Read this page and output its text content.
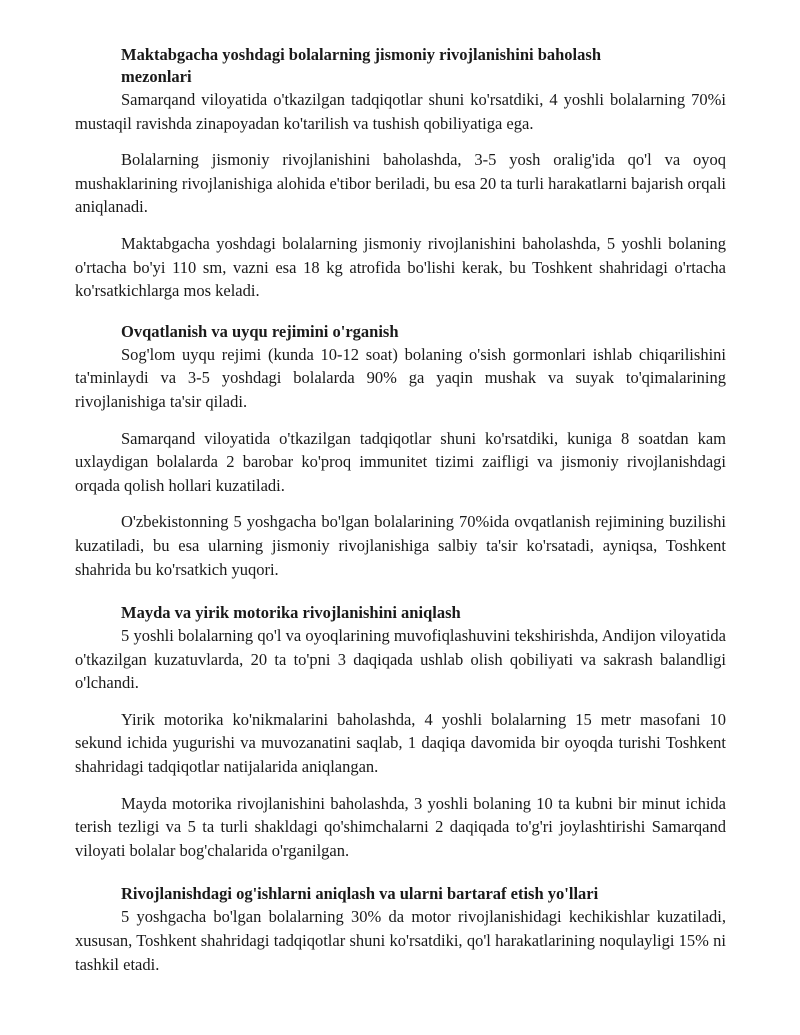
Maktabgacha yoshdagi bolalarning jismoniy rivojlanishini baholash mezonlari

Samarqand viloyatida o'tkazilgan tadqiqotlar shuni ko'rsatdiki, 4 yoshli bolalarning 70%i mustaqil ravishda zinapoyadan ko'tarilish va tushish qobiliyatiga ega.

Bolalarning jismoniy rivojlanishini baholashda, 3-5 yosh oralig'ida qo'l va oyoq mushaklarining rivojlanishiga alohida e'tibor beriladi, bu esa 20 ta turli harakatlarni bajarish orqali aniqlanadi.

Maktabgacha yoshdagi bolalarning jismoniy rivojlanishini baholashda, 5 yoshli bolaning o'rtacha bo'yi 110 sm, vazni esa 18 kg atrofida bo'lishi kerak, bu Toshkent shahridagi o'rtacha ko'rsatkichlarga mos keladi.

Ovqatlanish va uyqu rejimini o'rganish

Sog'lom uyqu rejimi (kunda 10-12 soat) bolaning o'sish gormonlari ishlab chiqarilishini ta'minlaydi va 3-5 yoshdagi bolalarda 90% ga yaqin mushak va suyak to'qimalarining rivojlanishiga ta'sir qiladi.

Samarqand viloyatida o'tkazilgan tadqiqotlar shuni ko'rsatdiki, kuniga 8 soatdan kam uxlaydigan bolalarda 2 barobar ko'proq immunitet tizimi zaifligi va jismoniy rivojlanishdagi orqada qolish hollari kuzatiladi.

O'zbekistonning 5 yoshgacha bo'lgan bolalarining 70%ida ovqatlanish rejimining buzilishi kuzatiladi, bu esa ularning jismoniy rivojlanishiga salbiy ta'sir ko'rsatadi, ayniqsa, Toshkent shahrida bu ko'rsatkich yuqori.

Mayda va yirik motorika rivojlanishini aniqlash

5 yoshli bolalarning qo'l va oyoqlarining muvofiqlashuvini tekshirishda, Andijon viloyatida o'tkazilgan kuzatuvlarda, 20 ta to'pni 3 daqiqada ushlab olish qobiliyati va sakrash balandligi o'lchandi.

Yirik motorika ko'nikmalarini baholashda, 4 yoshli bolalarning 15 metr masofani 10 sekund ichida yugurishi va muvozanatini saqlab, 1 daqiqa davomida bir oyoqda turishi Toshkent shahridagi tadqiqotlar natijalarida aniqlangan.

Mayda motorika rivojlanishini baholashda, 3 yoshli bolaning 10 ta kubni bir minut ichida terish tezligi va 5 ta turli shakldagi qo'shimchalarni 2 daqiqada to'g'ri joylashtirishi Samarqand viloyati bolalar bog'chalarida o'rganilgan.

Rivojlanishdagi og'ishlarni aniqlash va ularni bartaraf etish yo'llari

5 yoshgacha bo'lgan bolalarning 30% da motor rivojlanishidagi kechikishlar kuzatiladi, xususan, Toshkent shahridagi tadqiqotlar shuni ko'rsatdiki, qo'l harakatlarining noqulayligi 15% ni tashkil etadi.
